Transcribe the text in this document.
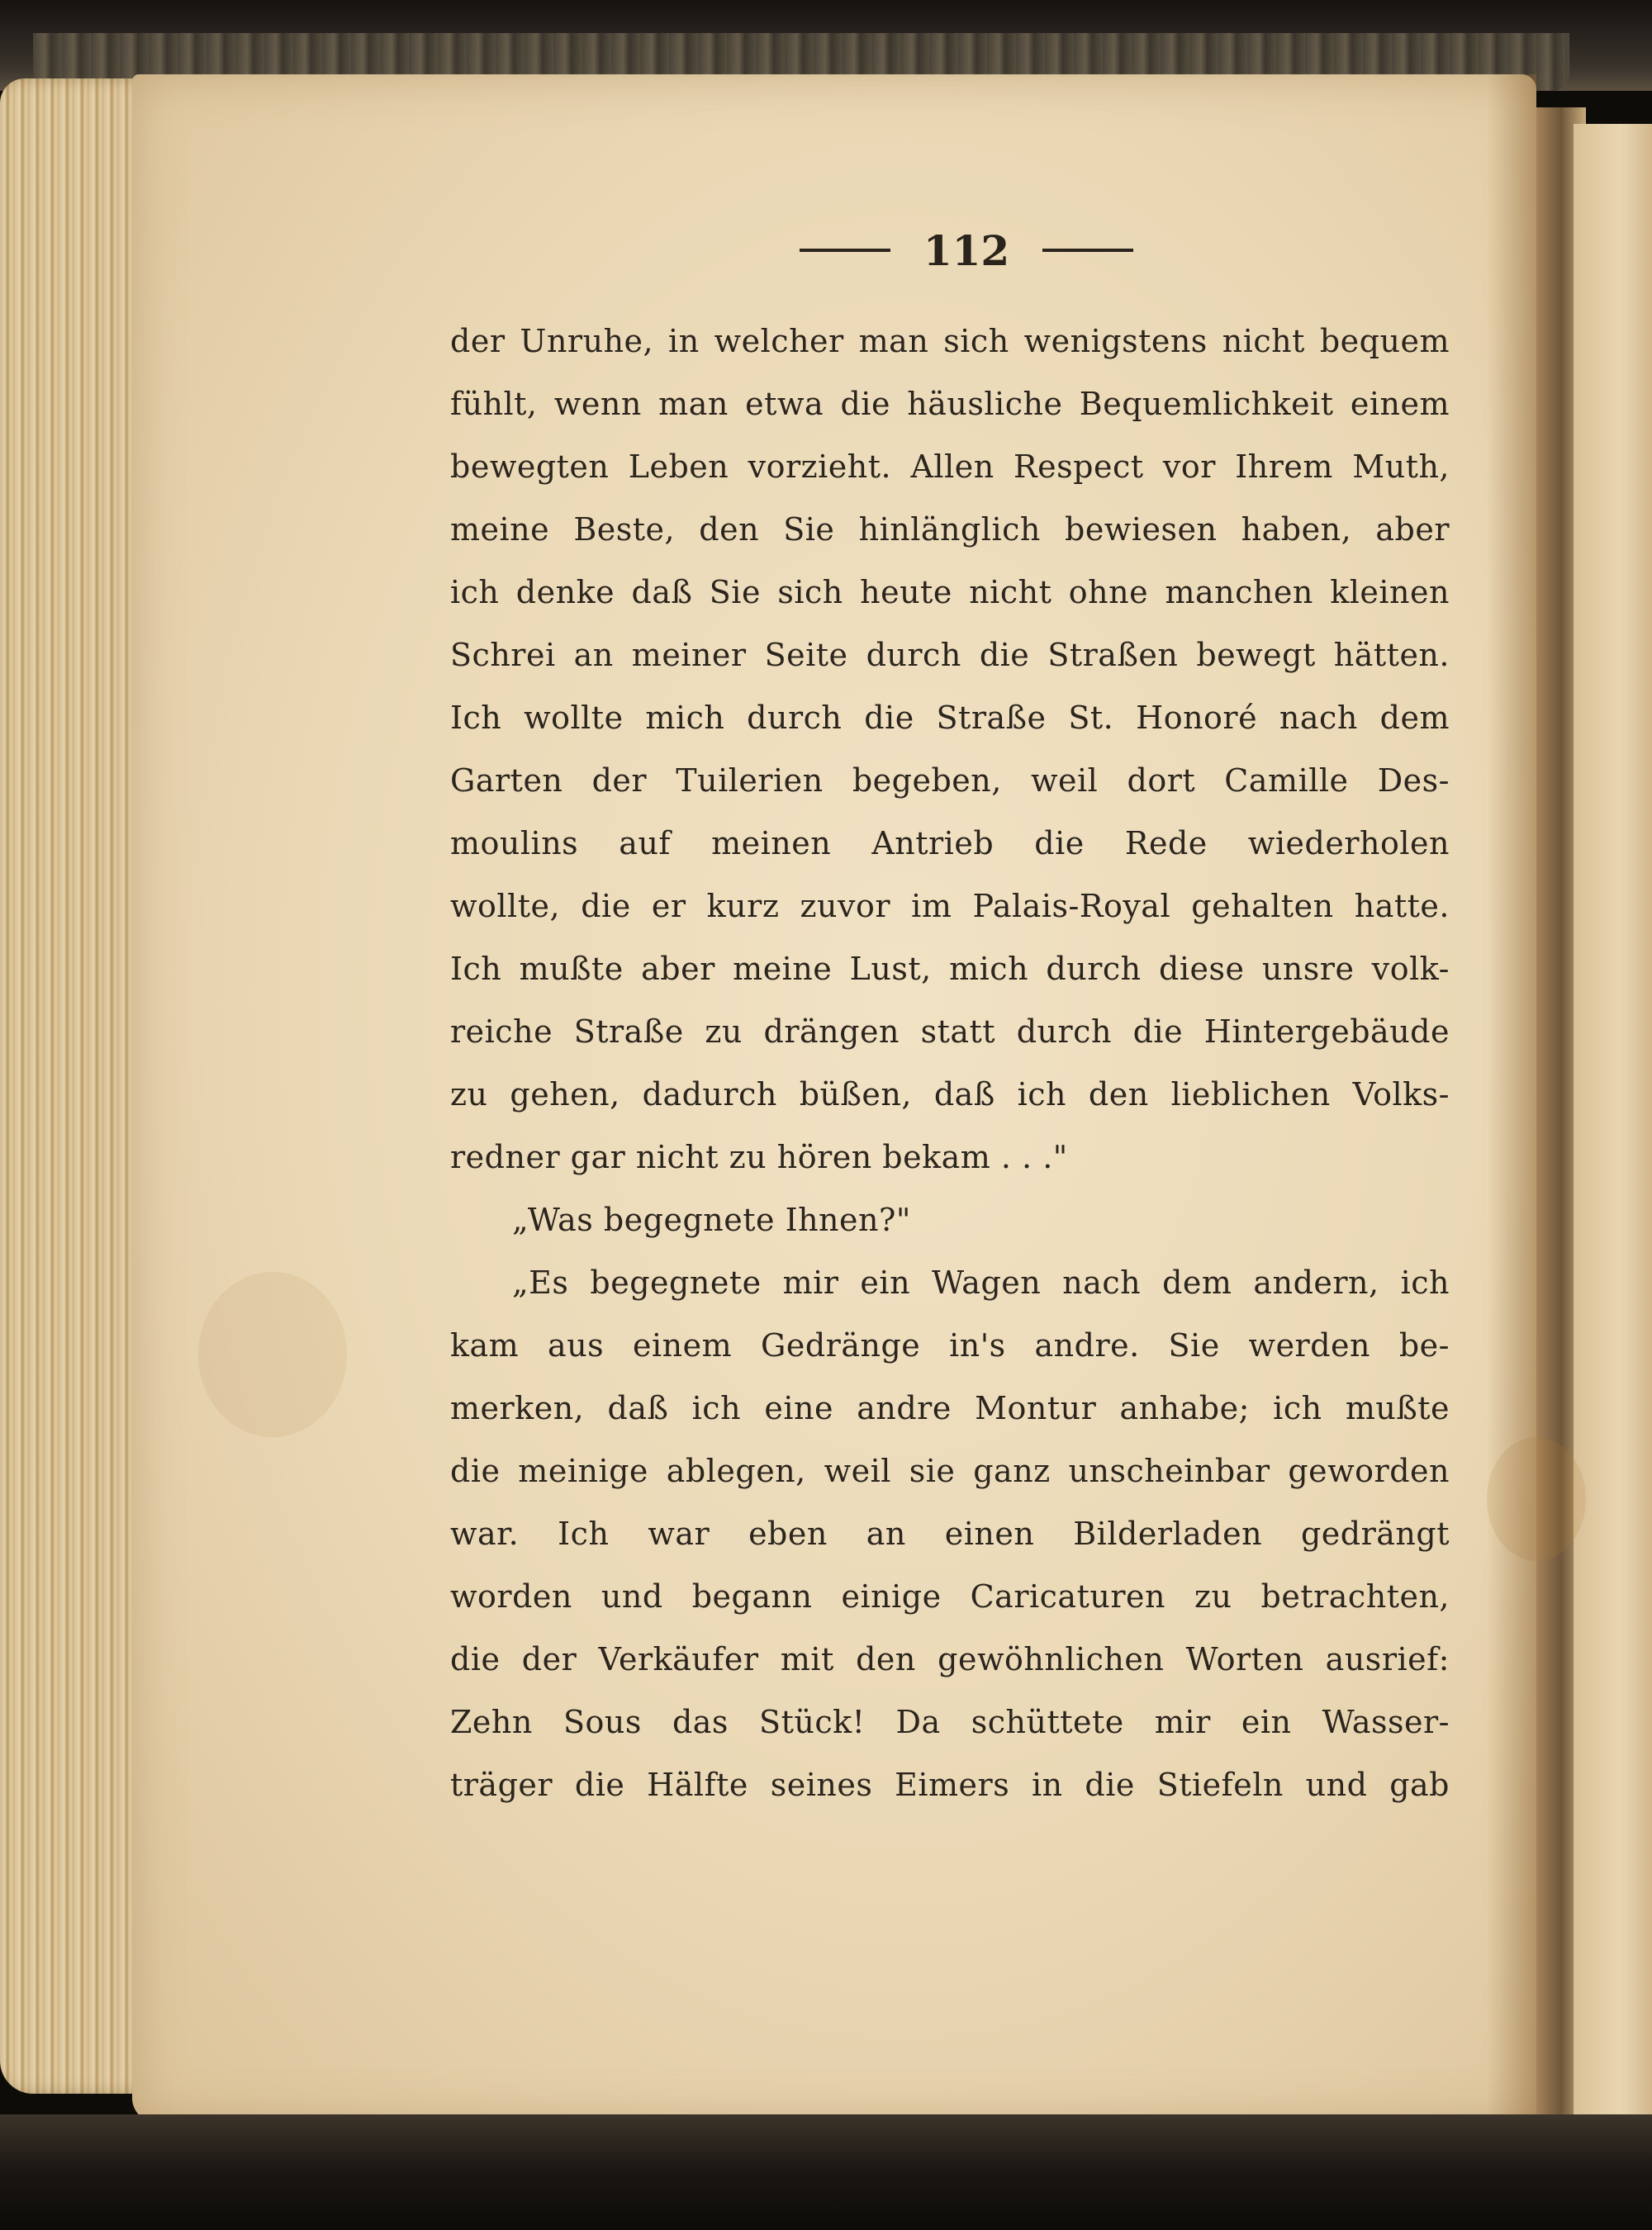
112
der Unruhe, in welcher man sich wenigstens nicht bequem
fühlt, wenn man etwa die häusliche Bequemlichkeit einem
bewegten Leben vorzieht. Allen Respect vor Ihrem Muth,
meine Beste, den Sie hinlänglich bewiesen haben, aber
ich denke daß Sie sich heute nicht ohne manchen kleinen
Schrei an meiner Seite durch die Straßen bewegt hätten.
Ich wollte mich durch die Straße St. Honoré nach dem
Garten der Tuilerien begeben, weil dort Camille Des-
moulins auf meinen Antrieb die Rede wiederholen
wollte, die er kurz zuvor im Palais-Royal gehalten hatte.
Ich mußte aber meine Lust, mich durch diese unsre volk-
reiche Straße zu drängen statt durch die Hintergebäude
zu gehen, dadurch büßen, daß ich den lieblichen Volks-
redner gar nicht zu hören bekam . . ."
„Was begegnete Ihnen?"
„Es begegnete mir ein Wagen nach dem andern, ich
kam aus einem Gedränge in's andre. Sie werden be-
merken, daß ich eine andre Montur anhabe; ich mußte
die meinige ablegen, weil sie ganz unscheinbar geworden
war. Ich war eben an einen Bilderladen gedrängt
worden und begann einige Caricaturen zu betrachten,
die der Verkäufer mit den gewöhnlichen Worten ausrief:
Zehn Sous das Stück! Da schüttete mir ein Wasser-
träger die Hälfte seines Eimers in die Stiefeln und gab
